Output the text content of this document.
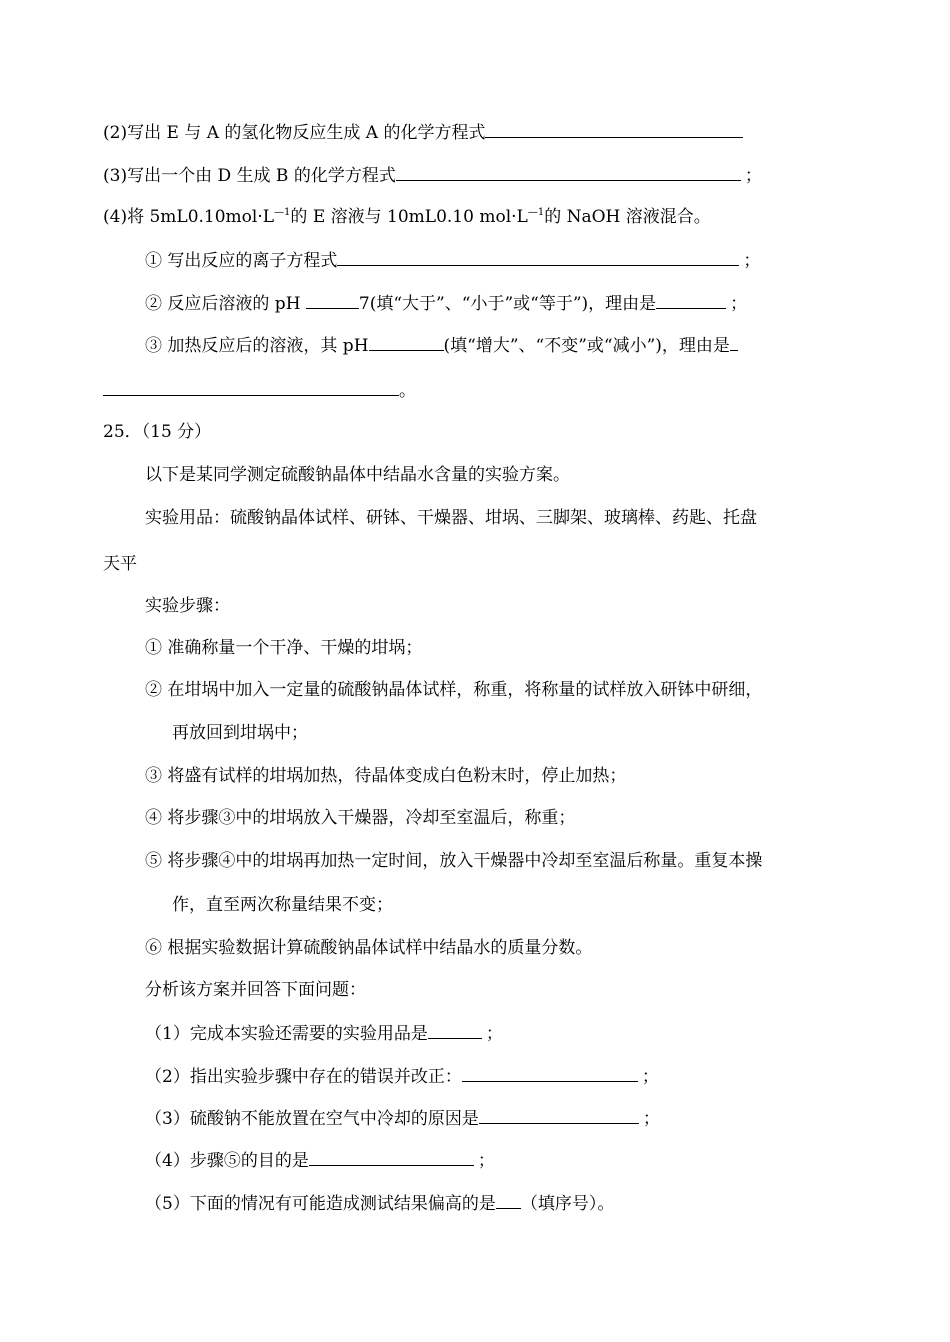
(2)写出 E 与 A 的氢化物反应生成 A 的化学方程式
(3)写出一个由 D 生成 B 的化学方程式	；
(4)将 $5mL0.10mol\cdot L^{—1}$的 E 溶液与 10mL0.10 $mol\cdot L^{—1}$的 NaOH 溶液混合。
① 写出反应的离子方程式	；
② 反应后溶液的 pH	7(填“大于”、“小于”或“等于”)，理由是	；
③ 加热反应后的溶液，其 pH	(填“增大”、“不变”或“减小”)，理由是
。
25．（15 分）
以下是某同学测定硫酸钠晶体中结晶水含量的实验方案。
实验用品：硫酸钠晶体试样、研钵、干燥器、坩埚、三脚架、玻璃棒、药匙、托盘
天平
实验步骤：
① 准确称量一个干净、干燥的坩埚；
② 在坩埚中加入一定量的硫酸钠晶体试样，称重，将称量的试样放入研钵中研细，
再放回到坩埚中；
③ 将盛有试样的坩埚加热，待晶体变成白色粉末时，停止加热；
④ 将步骤③中的坩埚放入干燥器，冷却至室温后，称重；
⑤ 将步骤④中的坩埚再加热一定时间，放入干燥器中冷却至室温后称量。重复本操
作，直至两次称量结果不变；
⑥ 根据实验数据计算硫酸钠晶体试样中结晶水的质量分数。
分析该方案并回答下面问题：
（1）完成本实验还需要的实验用品是	；
（2）指出实验步骤中存在的错误并改正：	；
（3）硫酸钠不能放置在空气中冷却的原因是	；
（4）步骤⑤的目的是	；
（5）下面的情况有可能造成测试结果偏高的是 （填序号）。
